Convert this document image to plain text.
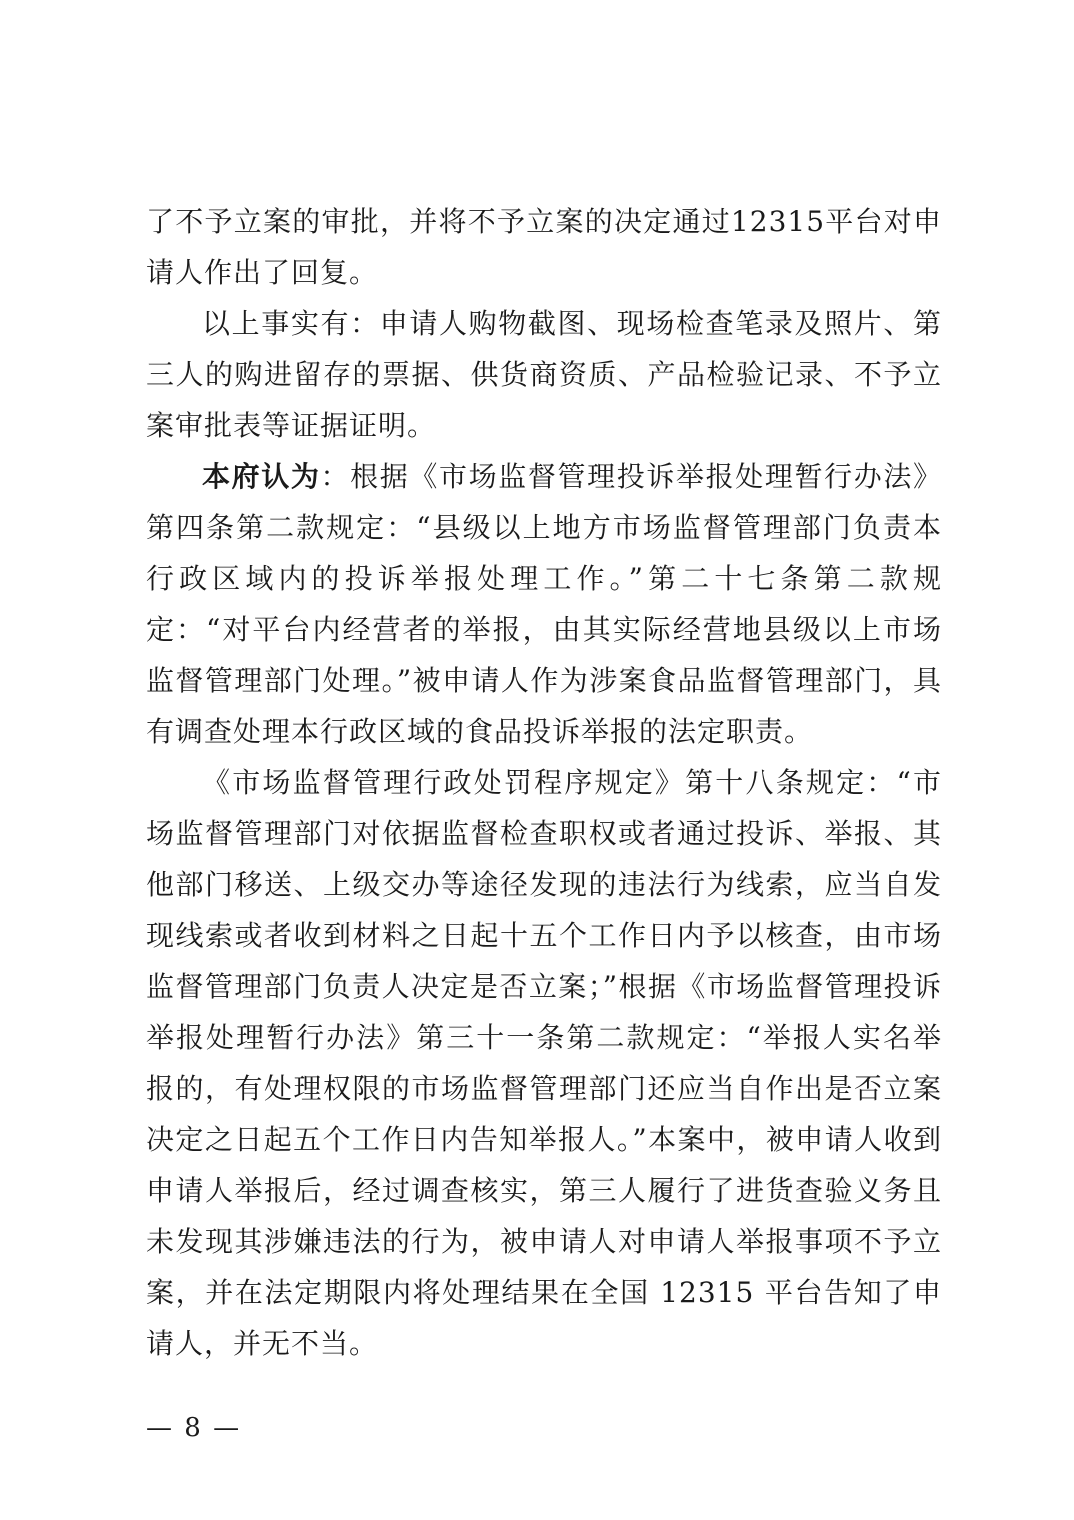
了不予立案的审批，并将不予立案的决定通过12315平台对申请人作出了回复。

以上事实有：申请人购物截图、现场检查笔录及照片、第三人的购进留存的票据、供货商资质、产品检验记录、不予立案审批表等证据证明。

本府认为：根据《市场监督管理投诉举报处理暂行办法》第四条第二款规定：“县级以上地方市场监督管理部门负责本行政区域内的投诉举报处理工作。”第二十七条第二款规定：“对平台内经营者的举报，由其实际经营地县级以上市场监督管理部门处理。”被申请人作为涉案食品监督管理部门，具有调查处理本行政区域的食品投诉举报的法定职责。

《市场监督管理行政处罚程序规定》第十八条规定：“市场监督管理部门对依据监督检查职权或者通过投诉、举报、其他部门移送、上级交办等途径发现的违法行为线索，应当自发现线索或者收到材料之日起十五个工作日内予以核查，由市场监督管理部门负责人决定是否立案；”根据《市场监督管理投诉举报处理暂行办法》第三十一条第二款规定：“举报人实名举报的，有处理权限的市场监督管理部门还应当自作出是否立案决定之日起五个工作日内告知举报人。”本案中，被申请人收到申请人举报后，经过调查核实，第三人履行了进货查验义务且未发现其涉嫌违法的行为，被申请人对申请人举报事项不予立案，并在法定期限内将处理结果在全国 12315 平台告知了申请人，并无不当。

— 8 —
